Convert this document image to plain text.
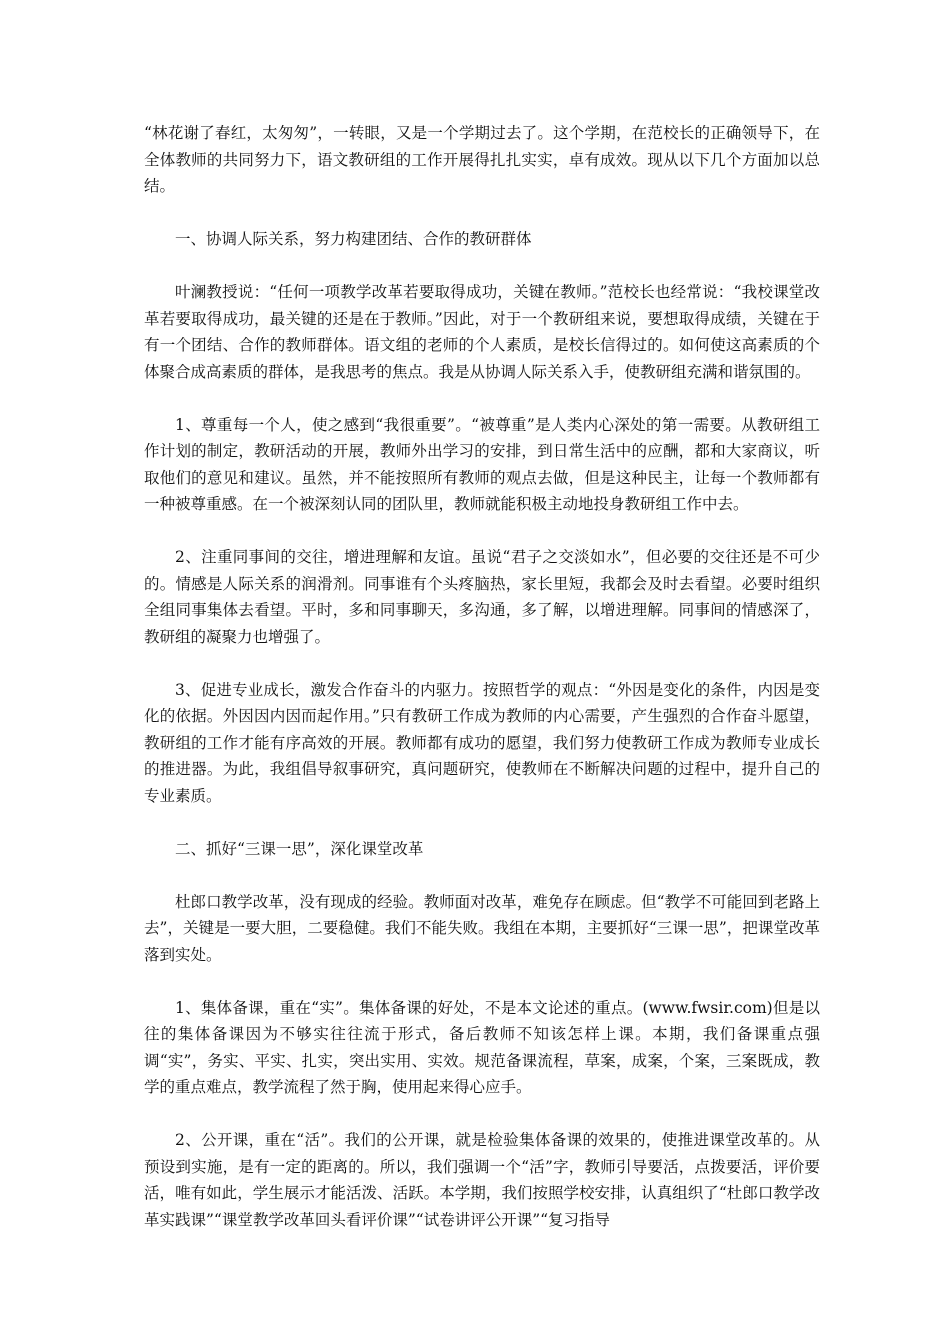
“林花谢了春红，太匆匆”，一转眼，又是一个学期过去了。这个学期，在范校长的正确领导下，在全体教师的共同努力下，语文教研组的工作开展得扎扎实实，卓有成效。现从以下几个方面加以总结。

一、协调人际关系，努力构建团结、合作的教研群体

叶澜教授说：“任何一项教学改革若要取得成功，关键在教师。”范校长也经常说：“我校课堂改革若要取得成功，最关键的还是在于教师。”因此，对于一个教研组来说，要想取得成绩，关键在于有一个团结、合作的教师群体。语文组的老师的个人素质，是校长信得过的。如何使这高素质的个体聚合成高素质的群体，是我思考的焦点。我是从协调人际关系入手，使教研组充满和谐氛围的。

1、尊重每一个人，使之感到“我很重要”。“被尊重”是人类内心深处的第一需要。从教研组工作计划的制定，教研活动的开展，教师外出学习的安排，到日常生活中的应酬，都和大家商议，听取他们的意见和建议。虽然，并不能按照所有教师的观点去做，但是这种民主，让每一个教师都有一种被尊重感。在一个被深刻认同的团队里，教师就能积极主动地投身教研组工作中去。

2、注重同事间的交往，增进理解和友谊。虽说“君子之交淡如水”，但必要的交往还是不可少的。情感是人际关系的润滑剂。同事谁有个头疼脑热，家长里短，我都会及时去看望。必要时组织全组同事集体去看望。平时，多和同事聊天，多沟通，多了解，以增进理解。同事间的情感深了，教研组的凝聚力也增强了。

3、促进专业成长，激发合作奋斗的内驱力。按照哲学的观点：“外因是变化的条件，内因是变化的依据。外因因内因而起作用。”只有教研工作成为教师的内心需要，产生强烈的合作奋斗愿望，教研组的工作才能有序高效的开展。教师都有成功的愿望，我们努力使教研工作成为教师专业成长的推进器。为此，我组倡导叙事研究，真问题研究，使教师在不断解决问题的过程中，提升自己的专业素质。

二、抓好“三课一思”，深化课堂改革

杜郎口教学改革，没有现成的经验。教师面对改革，难免存在顾虑。但“教学不可能回到老路上去”，关键是一要大胆，二要稳健。我们不能失败。我组在本期，主要抓好“三课一思”，把课堂改革落到实处。

1、集体备课，重在“实”。集体备课的好处，不是本文论述的重点。(www.fwsir.com)但是以往的集体备课因为不够实往往流于形式，备后教师不知该怎样上课。本期，我们备课重点强调“实”，务实、平实、扎实，突出实用、实效。规范备课流程，草案，成案，个案，三案既成，教学的重点难点，教学流程了然于胸，使用起来得心应手。

2、公开课，重在“活”。我们的公开课，就是检验集体备课的效果的，使推进课堂改革的。从预设到实施，是有一定的距离的。所以，我们强调一个“活”字，教师引导要活，点拨要活，评价要活，唯有如此，学生展示才能活泼、活跃。本学期，我们按照学校安排，认真组织了“杜郎口教学改革实践课”“课堂教学改革回头看评价课”“试卷讲评公开课”“复习指导
